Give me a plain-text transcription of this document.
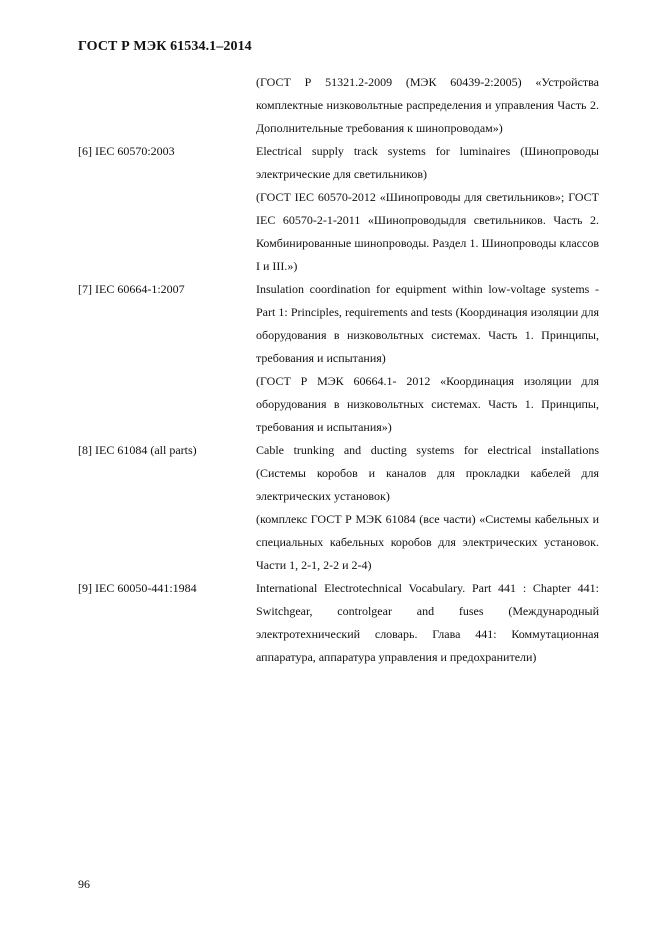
ГОСТ Р МЭК 61534.1–2014
(ГОСТ Р 51321.2-2009 (МЭК 60439-2:2005) «Устройства комплектные низковольтные распределения и управления Часть 2. Дополнительные требования к шинопроводам»)
[6] IEC 60570:2003	Electrical supply track systems for luminaires (Шинопроводы электрические для светильников)
(ГОСТ IEC 60570-2012 «Шинопроводы для светильников»; ГОСТ IEC 60570-2-1-2011 «Шинопроводыдля светильников. Часть 2. Комбинированные шинопроводы. Раздел 1. Шинопроводы классов I и III.»)
[7] IEC 60664-1:2007	Insulation coordination for equipment within low-voltage systems - Part 1: Principles, requirements and tests (Координация изоляции для оборудования в низковольтных системах. Часть 1. Принципы, требования и испытания)
(ГОСТ Р МЭК 60664.1- 2012 «Координация изоляции для оборудования в низковольтных системах. Часть 1. Принципы, требования и испытания»)
[8] IEC 61084 (all parts)	Cable trunking and ducting systems for electrical installations (Системы коробов и каналов для прокладки кабелей для электрических установок)
(комплекс ГОСТ Р МЭК 61084 (все части) «Системы кабельных и специальных кабельных коробов для электрических установок. Части 1, 2-1, 2-2 и 2-4)
[9] IEC 60050-441:1984	International Electrotechnical Vocabulary. Part 441 : Chapter 441: Switchgear, controlgear and fuses (Международный электротехнический словарь. Глава 441: Коммутационная аппаратура, аппаратура управления и предохранители)
96
